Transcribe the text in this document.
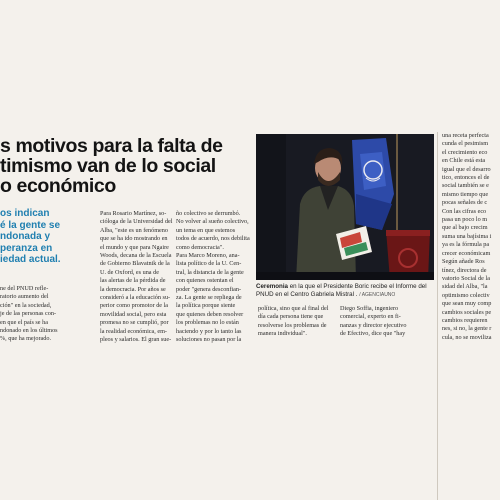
s motivos para la falta de
timismo van de lo social
o económico
os indican
é la gente se
ndonada y
peranza en
iedad actual.
ne del PNUD refle-
ratorio aumento del
ción" en la sociedad,
je de las personas con-
en que el país se ha
ndonado en los últimos
%, que ha mejorado.
Para Rosario Martínez, so-
cióloga de la Universidad del
Alba, "este es un fenómeno
que se ha ido mostrando en
el mundo y que para Ngaire
Woods, decana de la Escuela
de Gobierno Blavatnik de la
U. de Oxford, es una de
las alertas de la pérdida de
la democracia. Por años se
consideró a la educación su-
perior como promotor de la
movilidad social, pero esta
promesa no se cumplió, por
la realidad económica, em-
pleos y salarios. El gran sue-
ño colectivo se derrumbó.
No volver al sueño colectivo,
un tema en que estemos
todos de acuerdo, nos debilita
como democracia".
Para Marco Moreno, ana-
lista político de la U. Cen-
tral, la distancia de la gente
con quienes ostentan el
poder "genera desconfian-
za. La gente se repliega de
la política porque siente
que quienes deben resolver
los problemas no lo están
haciendo y por lo tanto las
soluciones no pasan por la
Ceremonia en la que el Presidente Boric recibe el Informe del
PNUD en el Centro Gabriela Mistral . / AGENCIAUNO
política, sino que al final del
día cada persona tiene que
resolverse los problemas de
manera individual".
Diego Soffia, ingeniero
comercial, experto en fi-
nanzas y director ejecutivo
de Efectivo, dice que "hay
una receta perfecta
cunda el pesimism
el crecimiento eco
en Chile está esta
igual que el desarro
tico, entonces el de
social también se e
mismo tiempo que
pocas señales de c
Con las cifras eco
pasa un poco lo m
que al bajo crecim
suma una bajísima i
ya es la fórmula pa
crecer económicam
Según añade Ros
tínez, directora de
vatorio Social de la
sidad del Alba, "la
optimismo colectiv
que sean muy comp
cambios sociales pe
cambios requieren
nes, si no, la gente r
cula, no se moviliza
